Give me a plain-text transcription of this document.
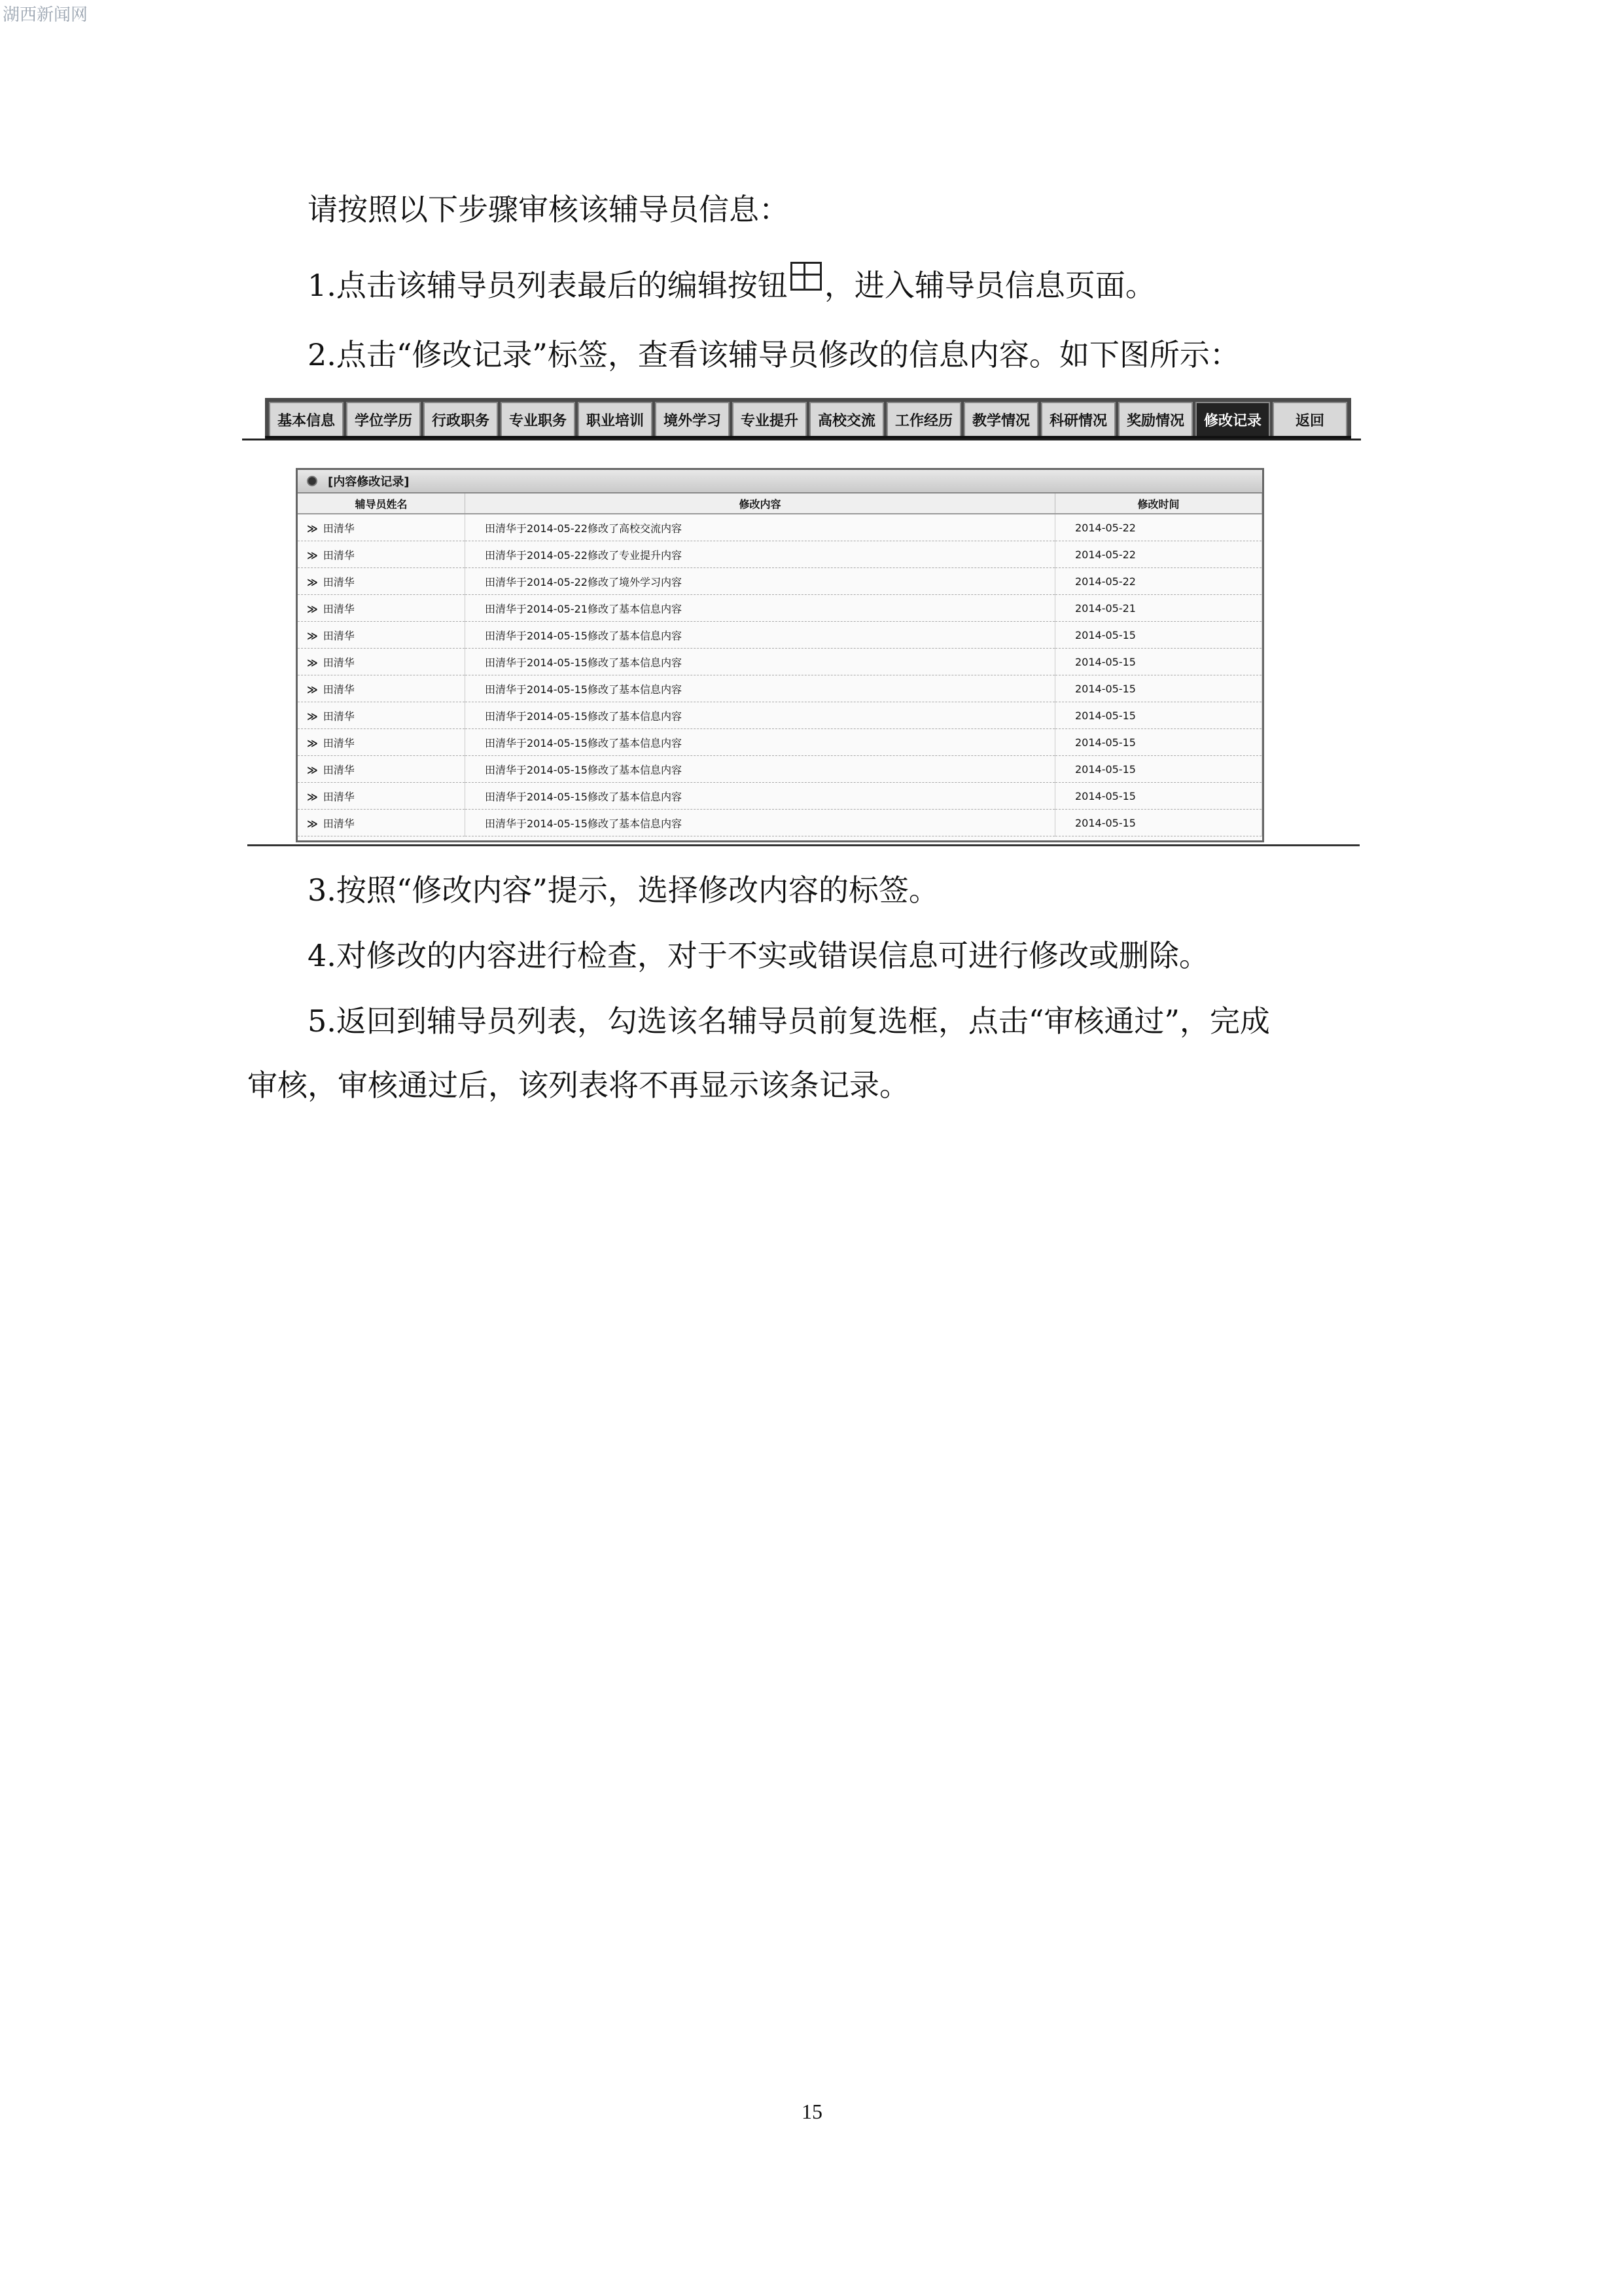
湖西新闻网

请按照以下步骤审核该辅导员信息：

1.点击该辅导员列表最后的编辑按钮 ，进入辅导员信息页面。

2.点击“修改记录”标签，查看该辅导员修改的信息内容。如下图所示：

基本信息	学位学历	行政职务	专业职务	职业培训	境外学习	专业提升	高校交流	工作经历	教学情况	科研情况	奖励情况	修改记录	返回
[内容修改记录]
辅导员姓名	修改内容	修改时间
≫ 田清华	田清华于2014-05-22修改了高校交流内容	2014-05-22
≫ 田清华	田清华于2014-05-22修改了专业提升内容	2014-05-22
≫ 田清华	田清华于2014-05-22修改了境外学习内容	2014-05-22
≫ 田清华	田清华于2014-05-21修改了基本信息内容	2014-05-21
≫ 田清华	田清华于2014-05-15修改了基本信息内容	2014-05-15
≫ 田清华	田清华于2014-05-15修改了基本信息内容	2014-05-15
≫ 田清华	田清华于2014-05-15修改了基本信息内容	2014-05-15
≫ 田清华	田清华于2014-05-15修改了基本信息内容	2014-05-15
≫ 田清华	田清华于2014-05-15修改了基本信息内容	2014-05-15
≫ 田清华	田清华于2014-05-15修改了基本信息内容	2014-05-15
≫ 田清华	田清华于2014-05-15修改了基本信息内容	2014-05-15
≫ 田清华	田清华于2014-05-15修改了基本信息内容	2014-05-15

3.按照“修改内容”提示，选择修改内容的标签。

4.对修改的内容进行检查，对于不实或错误信息可进行修改或删除。

5.返回到辅导员列表，勾选该名辅导员前复选框，点击“审核通过”，完成

审核，审核通过后，该列表将不再显示该条记录。

15
